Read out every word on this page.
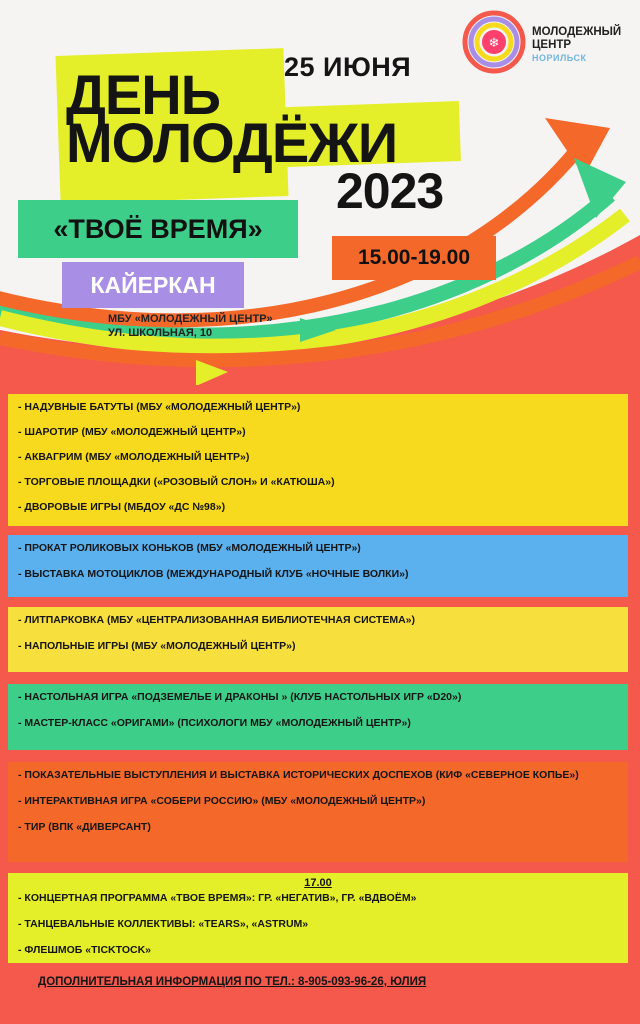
❄
МОЛОДЕЖНЫЙ
ЦЕНТР
НОРИЛЬСК
25 ИЮНЯ
ДЕНЬ
МОЛОДЁЖИ
2023
«ТВОЁ ВРЕМЯ»
15.00-19.00
КАЙЕРКАН
МБУ «МОЛОДЕЖНЫЙ ЦЕНТР»
УЛ. ШКОЛЬНАЯ, 10
- НАДУВНЫЕ БАТУТЫ (МБУ «МОЛОДЕЖНЫЙ ЦЕНТР»)
- ШАРОТИР (МБУ «МОЛОДЕЖНЫЙ ЦЕНТР»)
- АКВАГРИМ (МБУ «МОЛОДЕЖНЫЙ ЦЕНТР»)
- ТОРГОВЫЕ ПЛОЩАДКИ («РОЗОВЫЙ СЛОН» И «КАТЮША»)
- ДВОРОВЫЕ ИГРЫ (МБДОУ «ДС №98»)
- ПРОКАТ РОЛИКОВЫХ КОНЬКОВ (МБУ «МОЛОДЕЖНЫЙ ЦЕНТР»)
- ВЫСТАВКА МОТОЦИКЛОВ (МЕЖДУНАРОДНЫЙ КЛУБ «НОЧНЫЕ ВОЛКИ»)
- ЛИТПАРКОВКА (МБУ «ЦЕНТРАЛИЗОВАННАЯ БИБЛИОТЕЧНАЯ СИСТЕМА»)
- НАПОЛЬНЫЕ ИГРЫ (МБУ «МОЛОДЕЖНЫЙ ЦЕНТР»)
- НАСТОЛЬНАЯ ИГРА «ПОДЗЕМЕЛЬЕ И ДРАКОНЫ » (КЛУБ НАСТОЛЬНЫХ ИГР «D20»)
- МАСТЕР-КЛАСС «ОРИГАМИ» (ПСИХОЛОГИ МБУ «МОЛОДЕЖНЫЙ ЦЕНТР»)
- ПОКАЗАТЕЛЬНЫЕ ВЫСТУПЛЕНИЯ И ВЫСТАВКА ИСТОРИЧЕСКИХ ДОСПЕХОВ (КИФ «СЕВЕРНОЕ КОПЬЕ»)
- ИНТЕРАКТИВНАЯ ИГРА «СОБЕРИ РОССИЮ» (МБУ «МОЛОДЕЖНЫЙ ЦЕНТР»)
- ТИР (ВПК «ДИВЕРСАНТ)
17.00
- КОНЦЕРТНАЯ ПРОГРАММА «ТВОЕ ВРЕМЯ»: ГР. «НЕГАТИВ», ГР. «ВДВОЁМ»
- ТАНЦЕВАЛЬНЫЕ КОЛЛЕКТИВЫ: «TEARS», «ASTRUM»
- ФЛЕШМОБ «TICKTOCK»
ДОПОЛНИТЕЛЬНАЯ ИНФОРМАЦИЯ ПО ТЕЛ.: 8-905-093-96-26, ЮЛИЯ
